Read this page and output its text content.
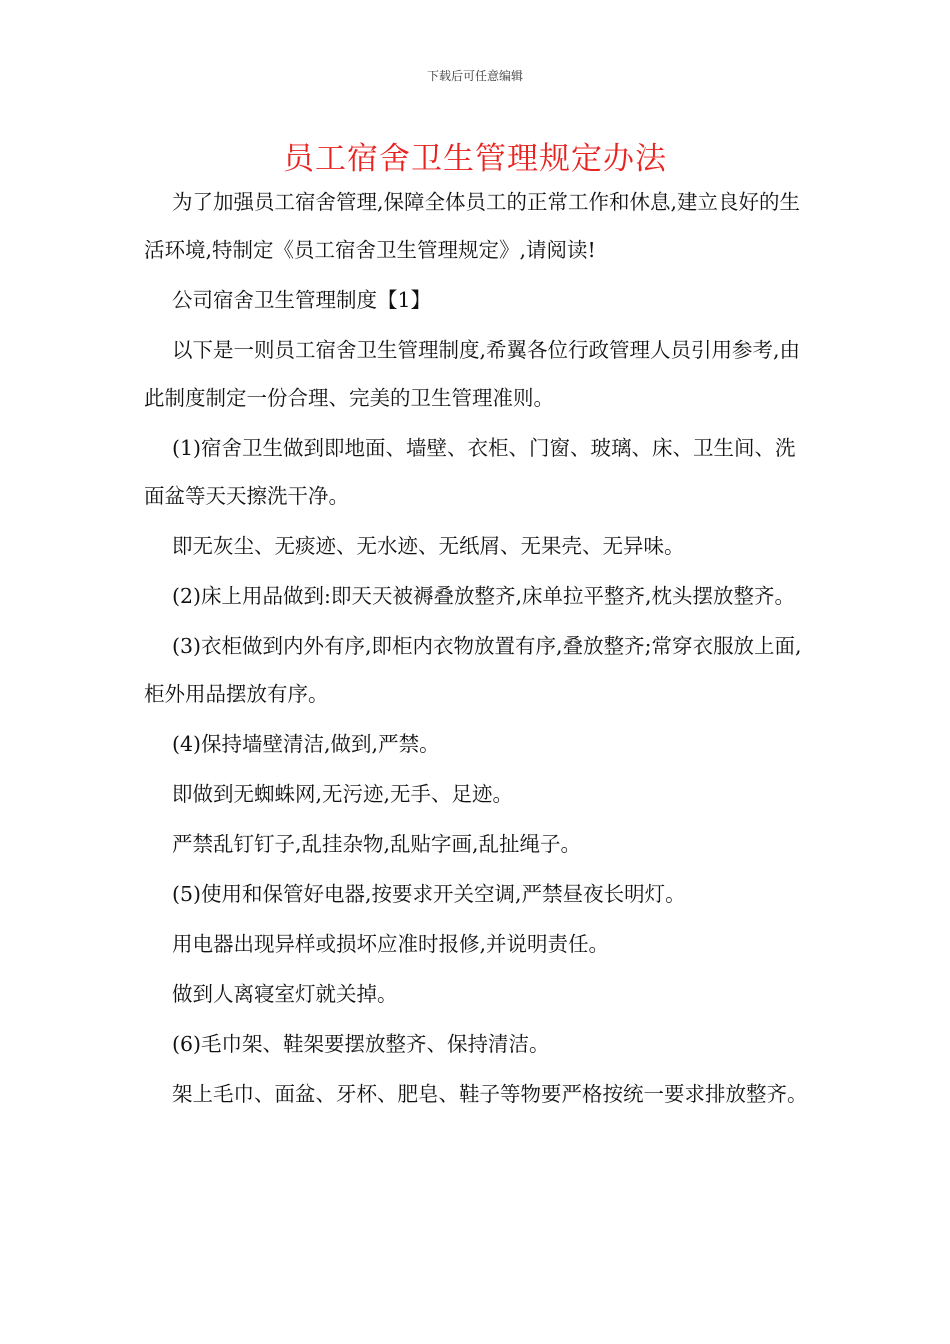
下载后可任意编辑
员工宿舍卫生管理规定办法

为了加强员工宿舍管理,保障全体员工的正常工作和休息,建立良好的生活环境,特制定《员工宿舍卫生管理规定》,请阅读!

公司宿舍卫生管理制度【1】

以下是一则员工宿舍卫生管理制度,希翼各位行政管理人员引用参考,由此制度制定一份合理、完美的卫生管理准则。

(1)宿舍卫生做到即地面、墙壁、衣柜、门窗、玻璃、床、卫生间、洗面盆等天天擦洗干净。

即无灰尘、无痰迹、无水迹、无纸屑、无果壳、无异味。

(2)床上用品做到:即天天被褥叠放整齐,床单拉平整齐,枕头摆放整齐。

(3)衣柜做到内外有序,即柜内衣物放置有序,叠放整齐;常穿衣服放上面,柜外用品摆放有序。

(4)保持墙壁清洁,做到,严禁。

即做到无蜘蛛网,无污迹,无手、足迹。

严禁乱钉钉子,乱挂杂物,乱贴字画,乱扯绳子。

(5)使用和保管好电器,按要求开关空调,严禁昼夜长明灯。

用电器出现异样或损坏应准时报修,并说明责任。

做到人离寝室灯就关掉。

(6)毛巾架、鞋架要摆放整齐、保持清洁。

架上毛巾、面盆、牙杯、肥皂、鞋子等物要严格按统一要求排放整齐。
